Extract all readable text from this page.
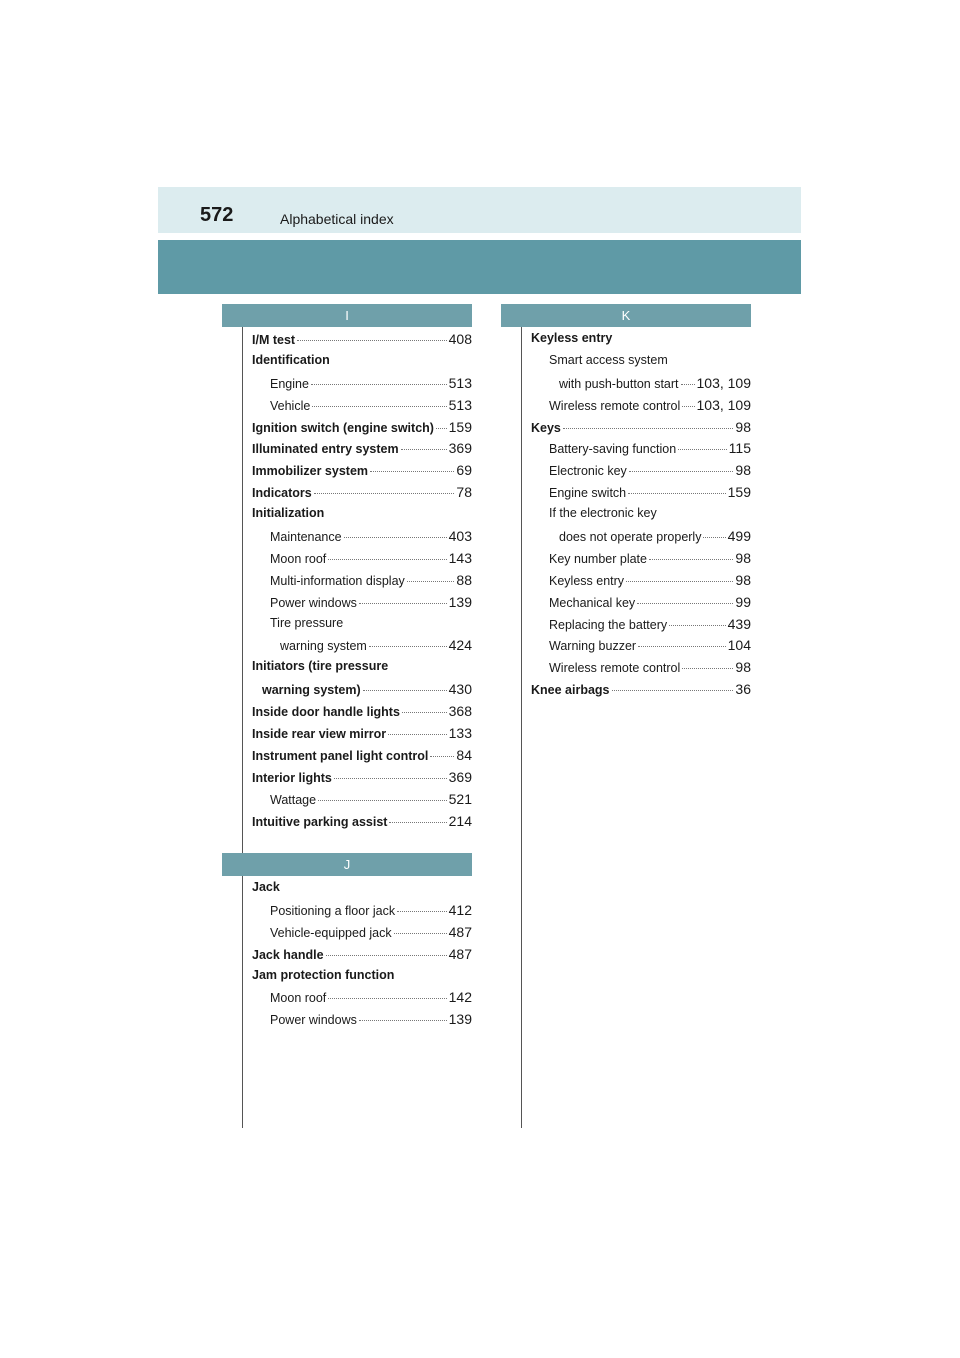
572	Alphabetical index
I
I/M test	408
Identification
Engine	513
Vehicle	513
Ignition switch (engine switch) 159
Illuminated entry system	369
Immobilizer system	69
Indicators	78
Initialization
Maintenance	403
Moon roof	143
Multi-information display	88
Power windows	139
Tire pressure
warning system	424
Initiators (tire pressure
warning system)	430
Inside door handle lights	368
Inside rear view mirror	133
Instrument panel light control 84
Interior lights	369
Wattage	521
Intuitive parking assist	214
J
Jack
Positioning a floor jack	412
Vehicle-equipped jack	487
Jack handle	487
Jam protection function
Moon roof	142
Power windows	139
K
Keyless entry
Smart access system
with push-button start 103, 109
Wireless remote control 103, 109
Keys	98
Battery-saving function	115
Electronic key	98
Engine switch	159
If the electronic key
does not operate properly 499
Key number plate	98
Keyless entry	98
Mechanical key	99
Replacing the battery	439
Warning buzzer	104
Wireless remote control	98
Knee airbags	36
